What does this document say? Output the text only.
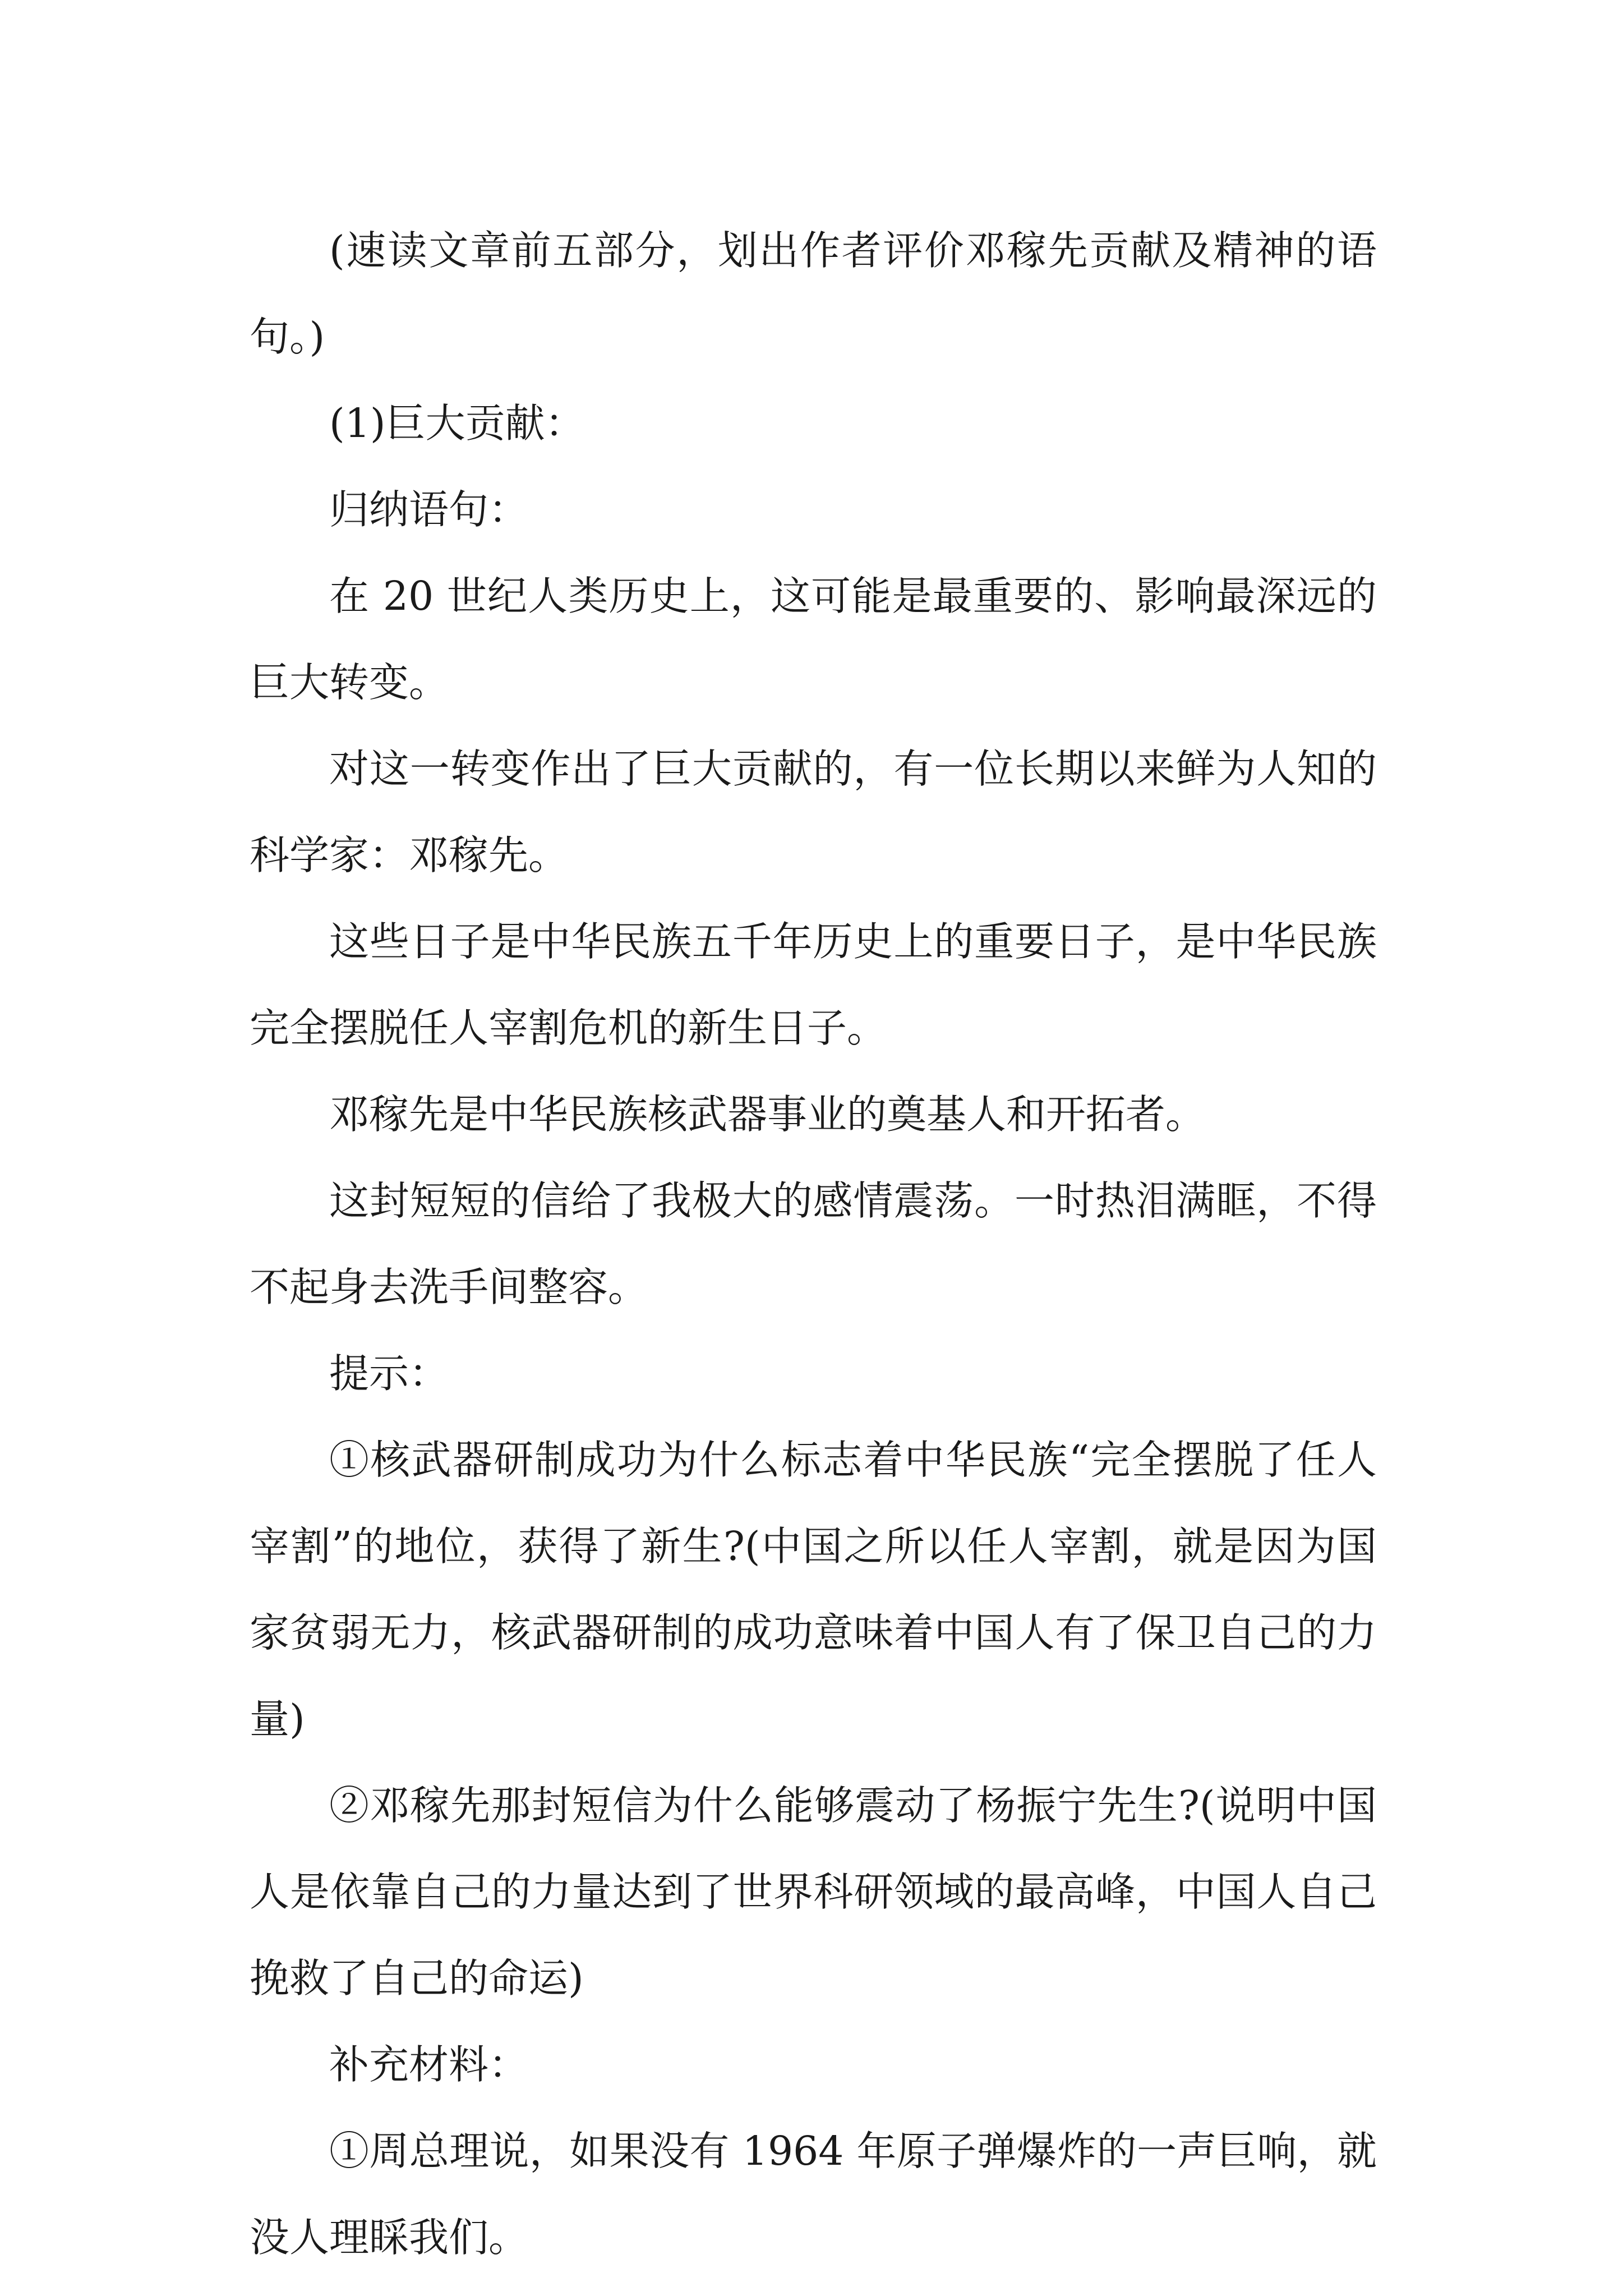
(速读文章前五部分，划出作者评价邓稼先贡献及精神的语句。)

(1)巨大贡献：

归纳语句：

在 20 世纪人类历史上，这可能是最重要的、影响最深远的巨大转变。

对这一转变作出了巨大贡献的，有一位长期以来鲜为人知的科学家：邓稼先。

这些日子是中华民族五千年历史上的重要日子，是中华民族完全摆脱任人宰割危机的新生日子。

邓稼先是中华民族核武器事业的奠基人和开拓者。

这封短短的信给了我极大的感情震荡。一时热泪满眶，不得不起身去洗手间整容。

提示：

①核武器研制成功为什么标志着中华民族“完全摆脱了任人宰割”的地位，获得了新生?(中国之所以任人宰割，就是因为国家贫弱无力，核武器研制的成功意味着中国人有了保卫自己的力量)

②邓稼先那封短信为什么能够震动了杨振宁先生?(说明中国人是依靠自己的力量达到了世界科研领域的最高峰，中国人自己挽救了自己的命运)

补充材料：

①周总理说，如果没有 1964 年原子弹爆炸的一声巨响，就没人理睬我们。
